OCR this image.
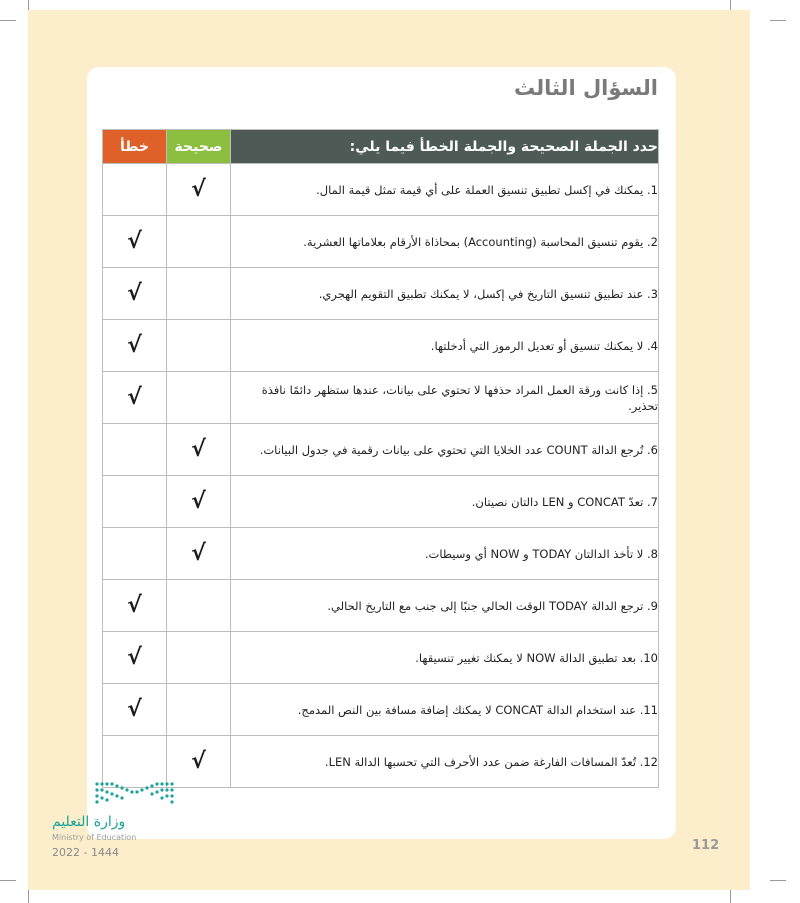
السؤال الثالث
خطأ	صحيحة	حدد الجملة الصحيحة والجملة الخطأ فيما يلي:
	√	1. يمكنك في إكسل تطبيق تنسيق العملة على أي قيمة تمثل قيمة المال.
√		2. يقوم تنسيق المحاسبة (Accounting) بمحاذاة الأرقام بعلاماتها العشرية.
√		3. عند تطبيق تنسيق التاريخ في إكسل، لا يمكنك تطبيق التقويم الهجري.
√		4. لا يمكنك تنسيق أو تعديل الرموز التي أدخلتها.
√		5. إذا كانت ورقة العمل المراد حذفها لا تحتوي على بيانات، عندها ستظهر دائمًا نافذة تحذير.
	√	6. تُرجع الدالة COUNT عدد الخلايا التي تحتوي على بيانات رقمية في جدول البيانات.
	√	7. تعدّ CONCAT و LEN دالتان نصيتان.
	√	8. لا تأخذ الدالتان TODAY و NOW أي وسيطات.
√		9. ترجع الدالة TODAY الوقت الحالي جنبًا إلى جنب مع التاريخ الحالي.
√		10. بعد تطبيق الدالة NOW لا يمكنك تغيير تنسيقها.
√		11. عند استخدام الدالة CONCAT لا يمكنك إضافة مسافة بين النص المدمج.
	√	12. تُعدّ المسافات الفارغة ضمن عدد الأحرف التي تحسبها الدالة LEN.
وزارة التعليم
Ministry of Education
2022 - 1444	112
